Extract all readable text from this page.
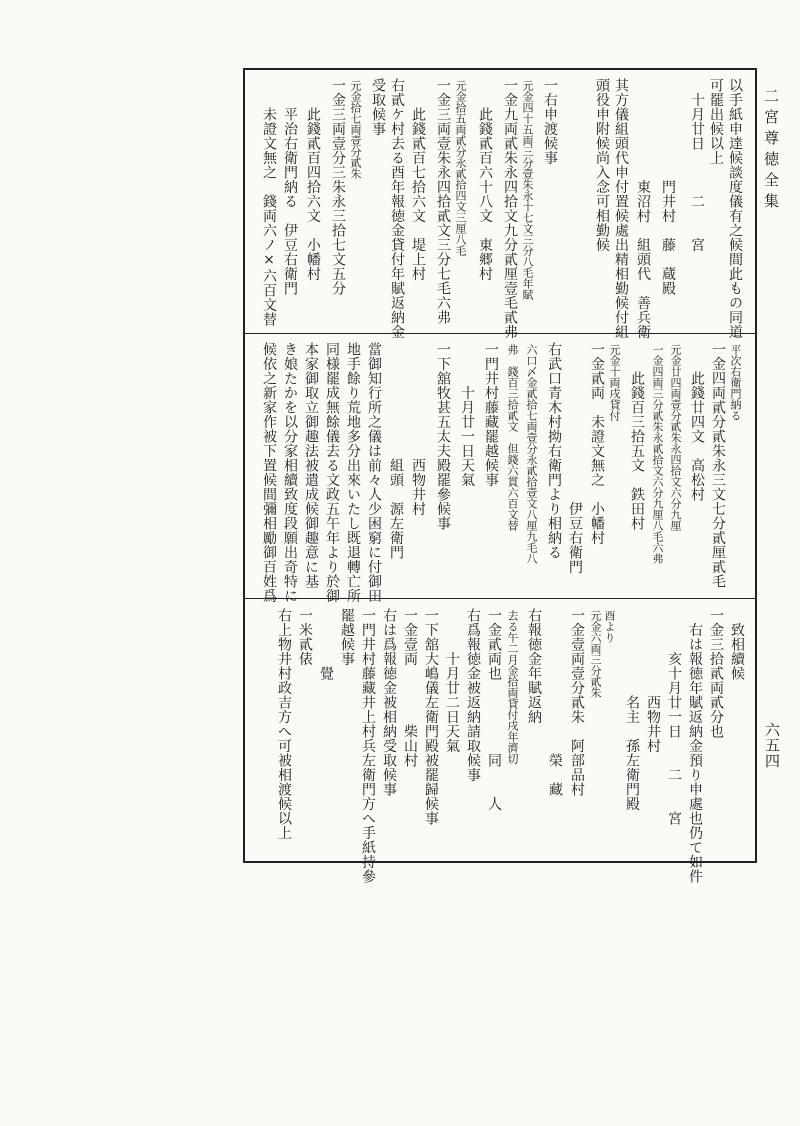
二宮尊徳全集
六五四
以手紙申達候談度儀有之候間此もの同道
可罷出候以上
　十月廿日　　　二　　宮
　　　　　　　門井村　藤　蔵殿
　　　　　　　東沼村　組頭代　善兵衛
其方儀組頭代申付置候處出精相勤候付組
頭役申附候尚入念可相勤候
一右申渡候事
元金四十五両三分壹朱永十七文三分八毛年賦
一金九両貳朱永四拾文九分貳厘壹毛貳弗
　　此錢貳百六十八文　東郷村
元金拾五両貳分永貳拾四文三厘八毛
一金三両壹朱永四拾貳文三分七毛六弗
　　此錢貳百七拾六文　堤上村
右貳ケ村去る酉年報徳金貸付年賦返納金
受取候事
元金拾七両壹分貳朱
一金三両壹分三朱永三拾七文五分
　　此錢貳百四拾六文　小幡村
　　平治右衛門納る　伊豆右衛門
　　未證文無之　錢両六ノ×六百文替
平次右衛門納る
一金四両貳分貳朱永三文七分貳厘貳毛
　　此錢廿四文　高松村
元金廿四両壹分貳朱永四拾文六分九厘
一金四両三分貳朱永貳拾文六分九厘八毛六弗
　　此錢百三拾五文　鉄田村
元金十両戌貸付
一金貳両　未證文無之　小幡村
　　　　　　　　　　　伊豆右衛門
右武口青木村拗右衛門より相納る
六口〆金貳拾七両壹分永貳拾壹文八厘九毛八
弗　錢百三拾貳文　但錢六貫六百文替
一門井村藤藏罷越候事
　　　十月廿一日天氣
一下舘牧甚五太夫殿罷參候事
　　　　　　　　西物井村
　　　　　　　　組頭　源左衛門
當御知行所之儀は前々人少困窮に付御田
地手餘り荒地多分出來いたし既退轉亡所
同様罷成無餘儀去る文政五午年より於御
本家御取立御趣法被遣成候御趣意に基
き娘たかを以分家相續致度段願出奇特に
候依之新家作被下置候間彌相勵御百姓爲
　致相續候
一金三拾貳両貳分也
　右は報徳年賦返納金預り申處也仍て如件
　　　亥十月廿一日　　二　　宮
　　　　　　西物井村
　　　　　　名主　孫左衛門殿
酉より
元金六両三分貳朱
一金壹両壹分貳朱　阿部品村
　　　　　　　　　　榮　藏
右報徳金年賦返納
去る午二月金拾両貸付戌年濟切
一金貳両也　　　　　同　　人
右爲報徳金被返納請取候事
　　　十月廿二日天氣
一下舘大嶋儀左衛門殿被罷歸候事
一金壹両　　　　柴山村
右は爲報徳金被相納受取候事
一門井村藤藏井上村兵左衛門方へ手紙持參
罷越候事
　　　　覺
一米貳俵
右上物井村政吉方へ可被相渡候以上
